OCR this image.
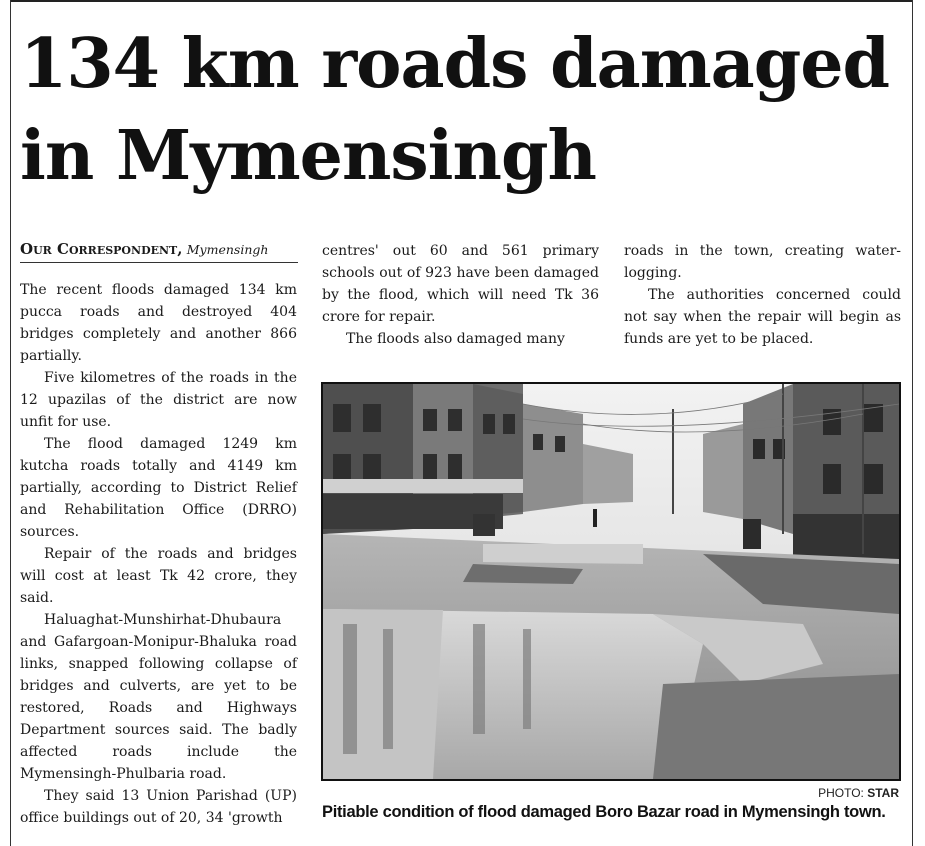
134 km roads damaged
in Mymensingh
Our Correspondent, Mymensingh

The recent floods damaged 134 km pucca roads and destroyed 404 bridges completely and another 866 partially.

Five kilometres of the roads in the 12 upazilas of the district are now unfit for use.

The flood damaged 1249 km kutcha roads totally and 4149 km partially, according to District Relief and Rehabilitation Office (DRRO) sources.

Repair of the roads and bridges will cost at least Tk 42 crore, they said.

Haluaghat-Munshirhat-Dhubaura and Gafargoan-Monipur-Bhaluka road links, snapped following collapse of bridges and culverts, are yet to be restored, Roads and Highways Department sources said. The badly affected roads include the Mymensingh-Phulbaria road.

They said 13 Union Parishad (UP) office buildings out of 20, 34 'growth

centres' out 60 and 561 primary schools out of 923 have been damaged by the flood, which will need Tk 36 crore for repair.

The floods also damaged many

roads in the town, creating water-logging.

The authorities concerned could not say when the repair will begin as funds are yet to be placed.

PHOTO: STAR
Pitiable condition of flood damaged Boro Bazar road in Mymensingh town.
